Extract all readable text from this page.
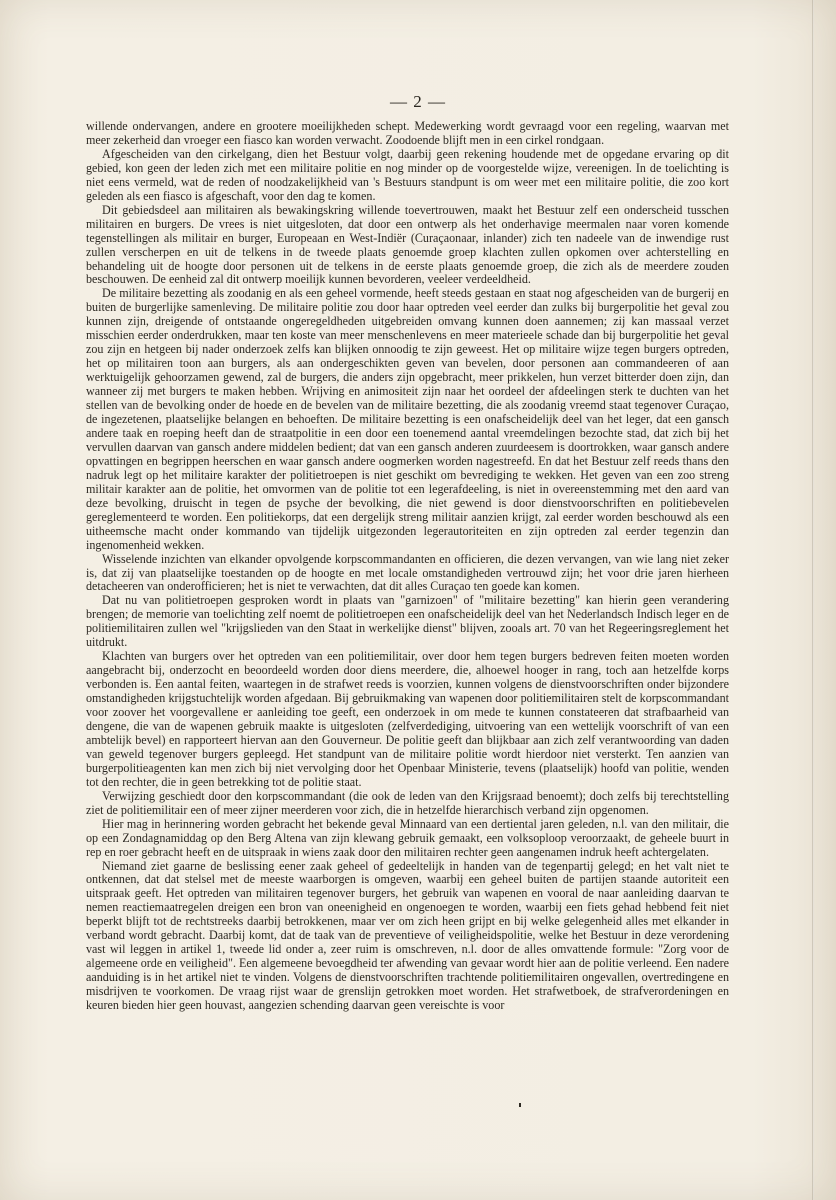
— 2 —

willende ondervangen, andere en grootere moeilijkheden schept. Medewerking wordt gevraagd voor een regeling, waarvan met meer zekerheid dan vroeger een fiasco kan worden verwacht. Zoodoende blijft men in een cirkel rondgaan.

Afgescheiden van den cirkelgang, dien het Bestuur volgt, daarbij geen rekening houdende met de opgedane ervaring op dit gebied, kon geen der leden zich met een militaire politie en nog minder op de voorgestelde wijze, vereenigen. In de toelichting is niet eens vermeld, wat de reden of noodzakelijkheid van 's Bestuurs standpunt is om weer met een militaire politie, die zoo kort geleden als een fiasco is afgeschaft, voor den dag te komen.

Dit gebiedsdeel aan militairen als bewakingskring willende toevertrouwen, maakt het Bestuur zelf een onderscheid tusschen militairen en burgers. De vrees is niet uitgesloten, dat door een ontwerp als het onderhavige meermalen naar voren komende tegenstellingen als militair en burger, Europeaan en West-Indiër (Curaçaonaar, inlander) zich ten nadeele van de inwendige rust zullen verscherpen en uit de telkens in de tweede plaats genoemde groep klachten zullen opkomen over achterstelling en behandeling uit de hoogte door personen uit de telkens in de eerste plaats genoemde groep, die zich als de meerdere zouden beschouwen. De eenheid zal dit ontwerp moeilijk kunnen bevorderen, veeleer verdeeldheid.

De militaire bezetting als zoodanig en als een geheel vormende, heeft steeds gestaan en staat nog afgescheiden van de burgerij en buiten de burgerlijke samenleving. De militaire politie zou door haar optreden veel eerder dan zulks bij burgerpolitie het geval zou kunnen zijn, dreigende of ontstaande ongeregeldheden uitgebreiden omvang kunnen doen aannemen; zij kan massaal verzet misschien eerder onderdrukken, maar ten koste van meer menschenlevens en meer materieele schade dan bij burgerpolitie het geval zou zijn en hetgeen bij nader onderzoek zelfs kan blijken onnoodig te zijn geweest. Het op militaire wijze tegen burgers optreden, het op militairen toon aan burgers, als aan ondergeschikten geven van bevelen, door personen aan commandeeren of aan werktuigelijk gehoorzamen gewend, zal de burgers, die anders zijn opgebracht, meer prikkelen, hun verzet bitterder doen zijn, dan wanneer zij met burgers te maken hebben. Wrijving en animositeit zijn naar het oordeel der afdeelingen sterk te duchten van het stellen van de bevolking onder de hoede en de bevelen van de militaire bezetting, die als zoodanig vreemd staat tegenover Curaçao, de ingezetenen, plaatselijke belangen en behoeften. De militaire bezetting is een onafscheidelijk deel van het leger, dat een gansch andere taak en roeping heeft dan de straatpolitie in een door een toenemend aantal vreemdelingen bezochte stad, dat zich bij het vervullen daarvan van gansch andere middelen bedient; dat van een gansch anderen zuurdeesem is doortrokken, waar gansch andere opvattingen en begrippen heerschen en waar gansch andere oogmerken worden nagestreefd. En dat het Bestuur zelf reeds thans den nadruk legt op het militaire karakter der politietroepen is niet geschikt om bevrediging te wekken. Het geven van een zoo streng militair karakter aan de politie, het omvormen van de politie tot een legerafdeeling, is niet in overeenstemming met den aard van deze bevolking, druischt in tegen de psyche der bevolking, die niet gewend is door dienstvoorschriften en politiebevelen gereglementeerd te worden. Een politiekorps, dat een dergelijk streng militair aanzien krijgt, zal eerder worden beschouwd als een uitheemsche macht onder kommando van tijdelijk uitgezonden legerautoriteiten en zijn optreden zal eerder tegenzin dan ingenomenheid wekken.

Wisselende inzichten van elkander opvolgende korpscommandanten en officieren, die dezen vervangen, van wie lang niet zeker is, dat zij van plaatselijke toestanden op de hoogte en met locale omstandigheden vertrouwd zijn; het voor drie jaren hierheen detacheeren van onderofficieren; het is niet te verwachten, dat dit alles Curaçao ten goede kan komen.

Dat nu van politietroepen gesproken wordt in plaats van "garnizoen" of "militaire bezetting" kan hierin geen verandering brengen; de memorie van toelichting zelf noemt de politietroepen een onafscheidelijk deel van het Nederlandsch Indisch leger en de politiemilitairen zullen wel "krijgslieden van den Staat in werkelijke dienst" blijven, zooals art. 70 van het Regeeringsreglement het uitdrukt.

Klachten van burgers over het optreden van een politiemilitair, over door hem tegen burgers bedreven feiten moeten worden aangebracht bij, onderzocht en beoordeeld worden door diens meerdere, die, alhoewel hooger in rang, toch aan hetzelfde korps verbonden is. Een aantal feiten, waartegen in de strafwet reeds is voorzien, kunnen volgens de dienstvoorschriften onder bijzondere omstandigheden krijgstuchtelijk worden afgedaan. Bij gebruikmaking van wapenen door politiemilitairen stelt de korpscommandant voor zoover het voorgevallene er aanleiding toe geeft, een onderzoek in om mede te kunnen constateeren dat strafbaarheid van dengene, die van de wapenen gebruik maakte is uitgesloten (zelfverdediging, uitvoering van een wettelijk voorschrift of van een ambtelijk bevel) en rapporteert hiervan aan den Gouverneur. De politie geeft dan blijkbaar aan zich zelf verantwoording van daden van geweld tegenover burgers gepleegd. Het standpunt van de militaire politie wordt hierdoor niet versterkt. Ten aanzien van burgerpolitieagenten kan men zich bij niet vervolging door het Openbaar Ministerie, tevens (plaatselijk) hoofd van politie, wenden tot den rechter, die in geen betrekking tot de politie staat.

Verwijzing geschiedt door den korpscommandant (die ook de leden van den Krijgsraad benoemt); doch zelfs bij terechtstelling ziet de politiemilitair een of meer zijner meerderen voor zich, die in hetzelfde hierarchisch verband zijn opgenomen.

Hier mag in herinnering worden gebracht het bekende geval Minnaard van een dertiental jaren geleden, n.l. van den militair, die op een Zondagnamiddag op den Berg Altena van zijn klewang gebruik gemaakt, een volksoploop veroorzaakt, de geheele buurt in rep en roer gebracht heeft en de uitspraak in wiens zaak door den militairen rechter geen aangenamen indruk heeft achtergelaten.

Niemand ziet gaarne de beslissing eener zaak geheel of gedeeltelijk in handen van de tegenpartij gelegd; en het valt niet te ontkennen, dat dat stelsel met de meeste waarborgen is omgeven, waarbij een geheel buiten de partijen staande autoriteit een uitspraak geeft. Het optreden van militairen tegenover burgers, het gebruik van wapenen en vooral de naar aanleiding daarvan te nemen reactiemaatregelen dreigen een bron van oneenigheid en ongenoegen te worden, waarbij een fiets gehad hebbend feit niet beperkt blijft tot de rechtstreeks daarbij betrokkenen, maar ver om zich heen grijpt en bij welke gelegenheid alles met elkander in verband wordt gebracht. Daarbij komt, dat de taak van de preventieve of veiligheidspolitie, welke het Bestuur in deze verordening vast wil leggen in artikel 1, tweede lid onder a, zeer ruim is omschreven, n.l. door de alles omvattende formule: "Zorg voor de algemeene orde en veiligheid". Een algemeene bevoegdheid ter afwending van gevaar wordt hier aan de politie verleend. Een nadere aanduiding is in het artikel niet te vinden. Volgens de dienstvoorschriften trachtende politiemilitairen ongevallen, overtredingene en misdrijven te voorkomen. De vraag rijst waar de grenslijn getrokken moet worden. Het strafwetboek, de strafverordeningen en keuren bieden hier geen houvast, aangezien schending daarvan geen vereischte is voor
